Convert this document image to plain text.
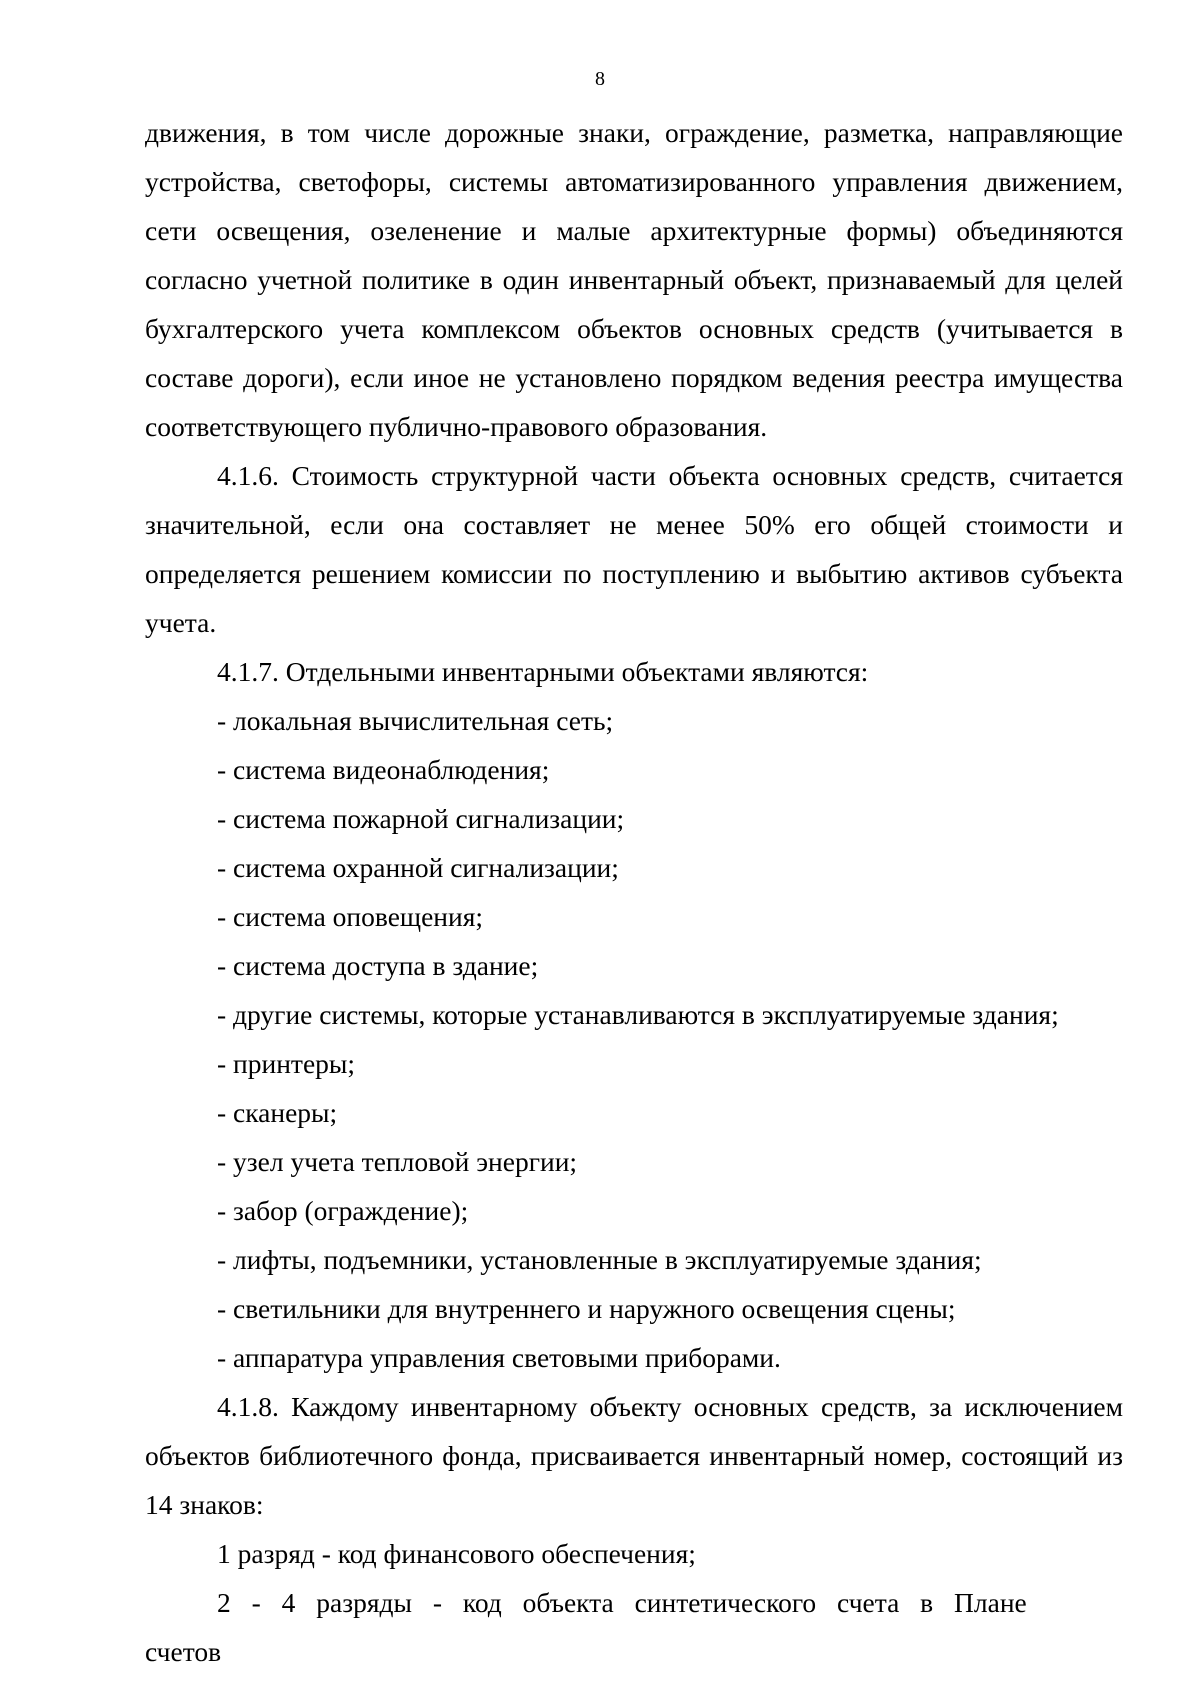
8

движения, в том числе дорожные знаки, ограждение, разметка, направляющие устройства, светофоры, системы автоматизированного управления движением, сети освещения, озеленение и малые архитектурные формы) объединяются согласно учетной политике в один инвентарный объект, признаваемый для целей бухгалтерского учета комплексом объектов основных средств (учитывается в составе дороги), если иное не установлено порядком ведения реестра имущества соответствующего публично-правового образования.

4.1.6. Стоимость структурной части объекта основных средств, считается значительной, если она составляет не менее 50% его общей стоимости и определяется решением комиссии по поступлению и выбытию активов субъекта учета.

4.1.7. Отдельными инвентарными объектами являются:

- локальная вычислительная сеть;

- система видеонаблюдения;

- система пожарной сигнализации;

- система охранной сигнализации;

- система оповещения;

- система доступа в здание;

- другие системы, которые устанавливаются в эксплуатируемые здания;

- принтеры;

- сканеры;

- узел учета тепловой энергии;

- забор (ограждение);

- лифты, подъемники, установленные в эксплуатируемые здания;

- светильники для внутреннего и наружного освещения сцены;

- аппаратура управления световыми приборами.

4.1.8. Каждому инвентарному объекту основных средств, за исключением объектов библиотечного фонда, присваивается инвентарный номер, состоящий из 14 знаков:

1 разряд - код финансового обеспечения;

2 - 4 разряды - код объекта синтетического счета в Плане счетов
